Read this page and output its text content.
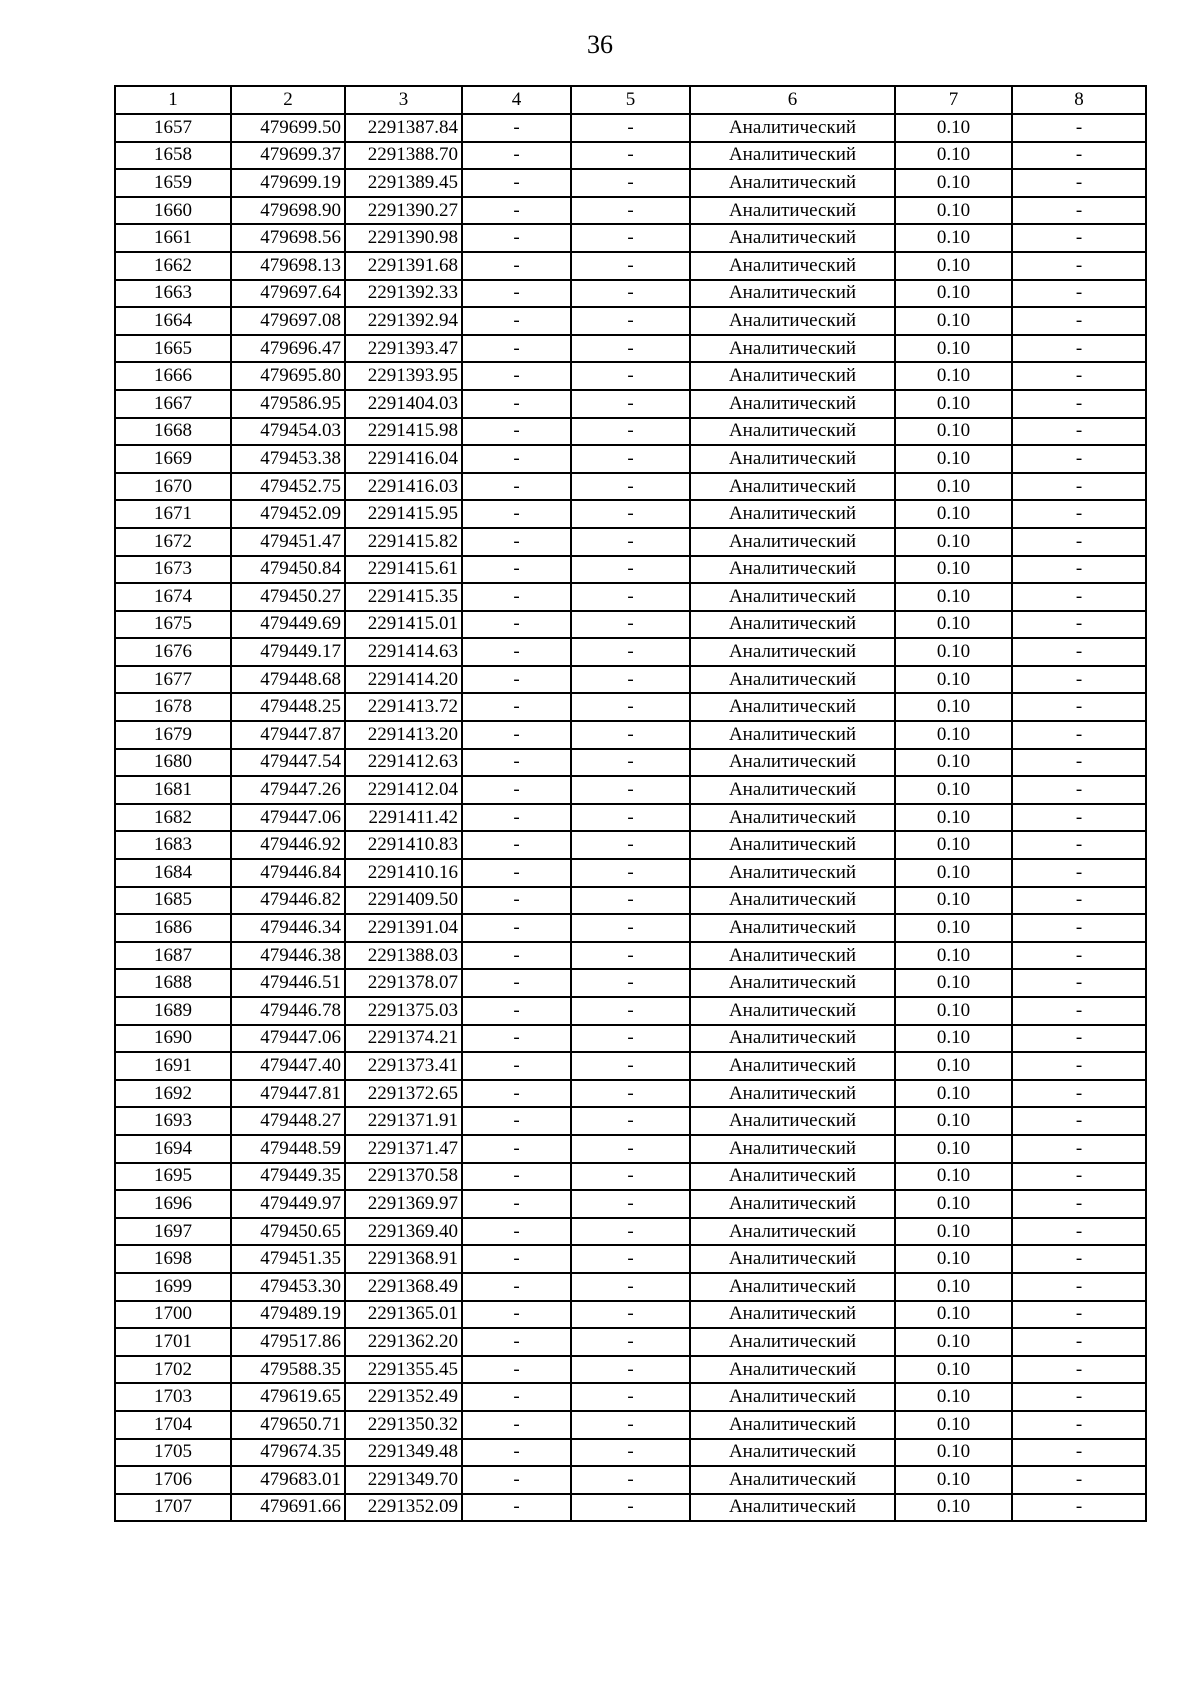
36
1	2	3	4	5	6	7	8
1657	479699.50	2291387.84	-	-	Аналитический	0.10	-
1658	479699.37	2291388.70	-	-	Аналитический	0.10	-
1659	479699.19	2291389.45	-	-	Аналитический	0.10	-
1660	479698.90	2291390.27	-	-	Аналитический	0.10	-
1661	479698.56	2291390.98	-	-	Аналитический	0.10	-
1662	479698.13	2291391.68	-	-	Аналитический	0.10	-
1663	479697.64	2291392.33	-	-	Аналитический	0.10	-
1664	479697.08	2291392.94	-	-	Аналитический	0.10	-
1665	479696.47	2291393.47	-	-	Аналитический	0.10	-
1666	479695.80	2291393.95	-	-	Аналитический	0.10	-
1667	479586.95	2291404.03	-	-	Аналитический	0.10	-
1668	479454.03	2291415.98	-	-	Аналитический	0.10	-
1669	479453.38	2291416.04	-	-	Аналитический	0.10	-
1670	479452.75	2291416.03	-	-	Аналитический	0.10	-
1671	479452.09	2291415.95	-	-	Аналитический	0.10	-
1672	479451.47	2291415.82	-	-	Аналитический	0.10	-
1673	479450.84	2291415.61	-	-	Аналитический	0.10	-
1674	479450.27	2291415.35	-	-	Аналитический	0.10	-
1675	479449.69	2291415.01	-	-	Аналитический	0.10	-
1676	479449.17	2291414.63	-	-	Аналитический	0.10	-
1677	479448.68	2291414.20	-	-	Аналитический	0.10	-
1678	479448.25	2291413.72	-	-	Аналитический	0.10	-
1679	479447.87	2291413.20	-	-	Аналитический	0.10	-
1680	479447.54	2291412.63	-	-	Аналитический	0.10	-
1681	479447.26	2291412.04	-	-	Аналитический	0.10	-
1682	479447.06	2291411.42	-	-	Аналитический	0.10	-
1683	479446.92	2291410.83	-	-	Аналитический	0.10	-
1684	479446.84	2291410.16	-	-	Аналитический	0.10	-
1685	479446.82	2291409.50	-	-	Аналитический	0.10	-
1686	479446.34	2291391.04	-	-	Аналитический	0.10	-
1687	479446.38	2291388.03	-	-	Аналитический	0.10	-
1688	479446.51	2291378.07	-	-	Аналитический	0.10	-
1689	479446.78	2291375.03	-	-	Аналитический	0.10	-
1690	479447.06	2291374.21	-	-	Аналитический	0.10	-
1691	479447.40	2291373.41	-	-	Аналитический	0.10	-
1692	479447.81	2291372.65	-	-	Аналитический	0.10	-
1693	479448.27	2291371.91	-	-	Аналитический	0.10	-
1694	479448.59	2291371.47	-	-	Аналитический	0.10	-
1695	479449.35	2291370.58	-	-	Аналитический	0.10	-
1696	479449.97	2291369.97	-	-	Аналитический	0.10	-
1697	479450.65	2291369.40	-	-	Аналитический	0.10	-
1698	479451.35	2291368.91	-	-	Аналитический	0.10	-
1699	479453.30	2291368.49	-	-	Аналитический	0.10	-
1700	479489.19	2291365.01	-	-	Аналитический	0.10	-
1701	479517.86	2291362.20	-	-	Аналитический	0.10	-
1702	479588.35	2291355.45	-	-	Аналитический	0.10	-
1703	479619.65	2291352.49	-	-	Аналитический	0.10	-
1704	479650.71	2291350.32	-	-	Аналитический	0.10	-
1705	479674.35	2291349.48	-	-	Аналитический	0.10	-
1706	479683.01	2291349.70	-	-	Аналитический	0.10	-
1707	479691.66	2291352.09	-	-	Аналитический	0.10	-
